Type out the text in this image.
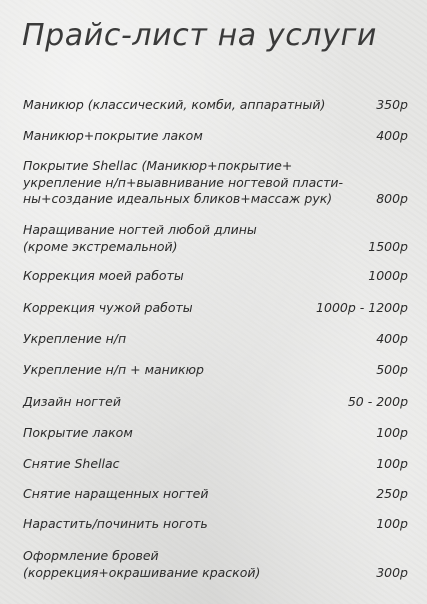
Прайс-лист на услуги
Маникюр (классический, комби, аппаратный)	350р
Маникюр+покрытие лаком	400р
Покрытие Shellac (Маникюр+покрытие+
укрепление н/п+выавнивание ногтевой пласти-
ны+создание идеальных бликов+массаж рук)	800р
Наращивание ногтей любой длины
(кроме экстремальной)	1500р
Коррекция моей работы	1000р
Коррекция чужой работы	1000р - 1200р
Укрепление н/п	400р
Укрепление н/п + маникюр	500р
Дизайн ногтей	50 - 200р
Покрытие лаком	100р
Снятие Shellac	100р
Снятие наращенных ногтей	250р
Нарастить/починить ноготь	100р
Оформление бровей
(коррекция+окрашивание краской)	300р
